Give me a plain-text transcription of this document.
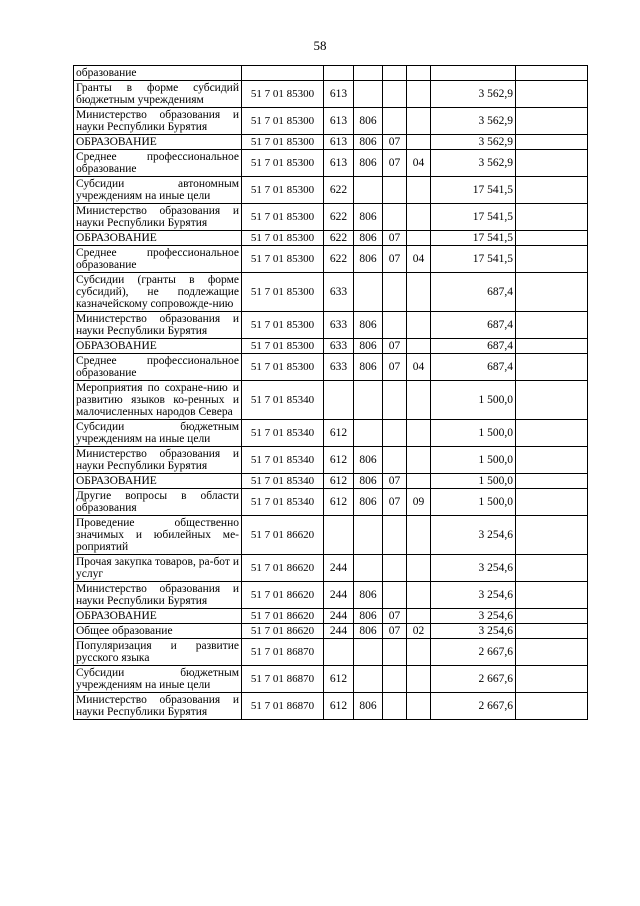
58
образование							
Гранты в форме субсидий бюджетным учреждениям	51 7 01 85300	613				3 562,9	
Министерство образования и науки Республики Бурятия	51 7 01 85300	613	806			3 562,9	
ОБРАЗОВАНИЕ	51 7 01 85300	613	806	07		3 562,9	
Среднее профессиональное образование	51 7 01 85300	613	806	07	04	3 562,9	
Субсидии автономным учреждениям на иные цели	51 7 01 85300	622				17 541,5	
Министерство образования и науки Республики Бурятия	51 7 01 85300	622	806			17 541,5	
ОБРАЗОВАНИЕ	51 7 01 85300	622	806	07		17 541,5	
Среднее профессиональное образование	51 7 01 85300	622	806	07	04	17 541,5	
Субсидии (гранты в форме субсидий), не подлежащие казначейскому сопровожде-нию	51 7 01 85300	633				687,4	
Министерство образования и науки Республики Бурятия	51 7 01 85300	633	806			687,4	
ОБРАЗОВАНИЕ	51 7 01 85300	633	806	07		687,4	
Среднее профессиональное образование	51 7 01 85300	633	806	07	04	687,4	
Мероприятия по сохране-нию и развитию языков ко-ренных и малочисленных народов Севера	51 7 01 85340					1 500,0	
Субсидии бюджетным учреждениям на иные цели	51 7 01 85340	612				1 500,0	
Министерство образования и науки Республики Бурятия	51 7 01 85340	612	806			1 500,0	
ОБРАЗОВАНИЕ	51 7 01 85340	612	806	07		1 500,0	
Другие вопросы в области образования	51 7 01 85340	612	806	07	09	1 500,0	
Проведение общественно значимых и юбилейных ме-роприятий	51 7 01 86620					3 254,6	
Прочая закупка товаров, ра-бот и услуг	51 7 01 86620	244				3 254,6	
Министерство образования и науки Республики Бурятия	51 7 01 86620	244	806			3 254,6	
ОБРАЗОВАНИЕ	51 7 01 86620	244	806	07		3 254,6	
Общее образование	51 7 01 86620	244	806	07	02	3 254,6	
Популяризация и развитие русского языка	51 7 01 86870					2 667,6	
Субсидии бюджетным учреждениям на иные цели	51 7 01 86870	612				2 667,6	
Министерство образования и науки Республики Бурятия	51 7 01 86870	612	806			2 667,6	
